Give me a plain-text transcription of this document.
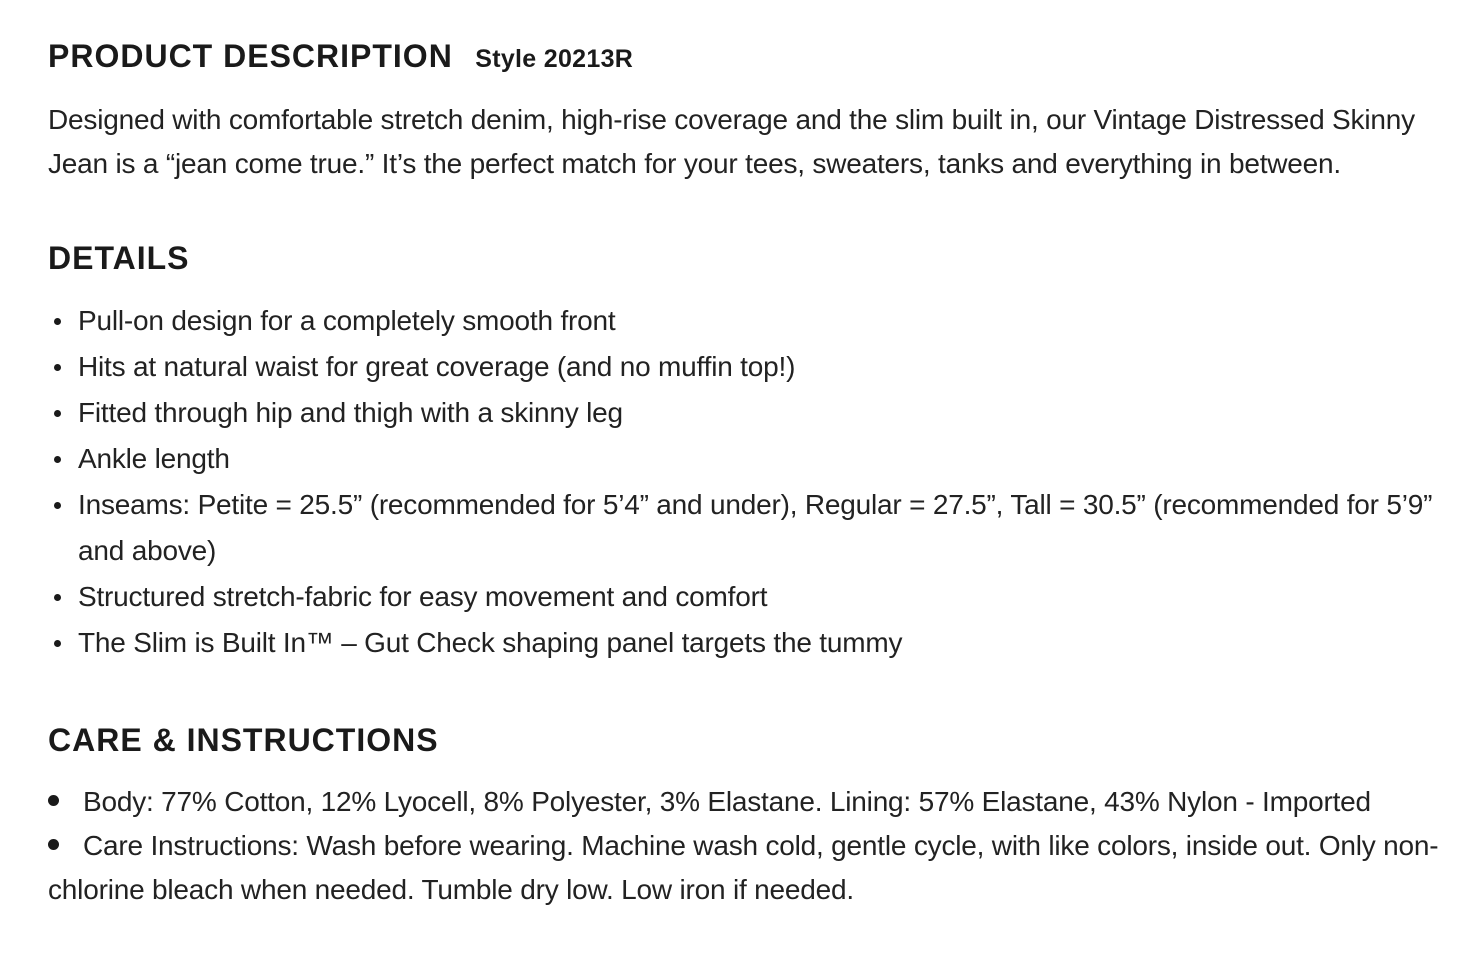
PRODUCT DESCRIPTION Style 20213R
Designed with comfortable stretch denim, high-rise coverage and the slim built in, our Vintage Distressed Skinny Jean is a “jean come true.” It’s the perfect match for your tees, sweaters, tanks and everything in between.
DETAILS
Pull-on design for a completely smooth front
Hits at natural waist for great coverage (and no muffin top!)
Fitted through hip and thigh with a skinny leg
Ankle length
Inseams: Petite = 25.5” (recommended for 5’4” and under), Regular = 27.5”, Tall = 30.5” (recommended for 5’9”
and above)
Structured stretch-fabric for easy movement and comfort
The Slim is Built In™ – Gut Check shaping panel targets the tummy
CARE & INSTRUCTIONS
Body: 77% Cotton, 12% Lyocell, 8% Polyester, 3% Elastane. Lining: 57% Elastane, 43% Nylon - Imported
Care Instructions: Wash before wearing. Machine wash cold, gentle cycle, with like colors, inside out. Only non-
chlorine bleach when needed. Tumble dry low. Low iron if needed.
